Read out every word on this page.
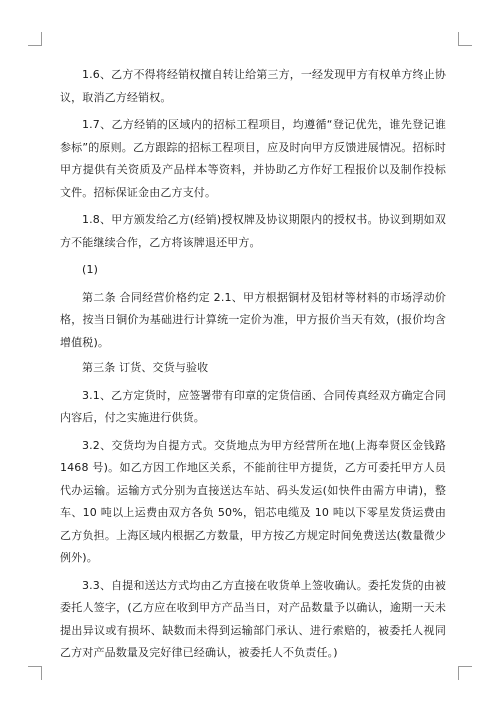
1.6、乙方不得将经销权擅自转让给第三方，一经发现甲方有权单方终止协议，取消乙方经销权。

1.7、乙方经销的区域内的招标工程项目，均遵循“登记优先，谁先登记谁参标”的原则。乙方跟踪的招标工程项目，应及时向甲方反馈进展情况。招标时甲方提供有关资质及产品样本等资料，并协助乙方作好工程报价以及制作投标文件。招标保证金由乙方支付。

1.8、甲方颁发给乙方(经销)授权牌及协议期限内的授权书。协议到期如双方不能继续合作，乙方将该牌退还甲方。

(1)

第二条 合同经营价格约定 2.1、甲方根据铜材及铝材等材料的市场浮动价格，按当日铜价为基础进行计算统一定价为准，甲方报价当天有效，(报价均含增值税)。

第三条 订货、交货与验收

3.1、乙方定货时，应签署带有印章的定货信函、合同传真经双方确定合同内容后，付之实施进行供货。

3.2、交货均为自提方式。交货地点为甲方经营所在地(上海奉贤区金钱路 1468 号)。如乙方因工作地区关系，不能前往甲方提货，乙方可委托甲方人员代办运输。运输方式分别为直接送达车站、码头发运(如快件由需方申请)，整车、10 吨以上运费由双方各负 50%，铝芯电缆及 10 吨以下零星发货运费由乙方负担。上海区域内根据乙方数量，甲方按乙方规定时间免费送达(数量微少例外)。

3.3、自提和送达方式均由乙方直接在收货单上签收确认。委托发货的由被委托人签字，(乙方应在收到甲方产品当日，对产品数量予以确认，逾期一天未提出异议或有损坏、缺数而未得到运输部门承认、进行索赔的，被委托人视同乙方对产品数量及完好律已经确认，被委托人不负责任。)
